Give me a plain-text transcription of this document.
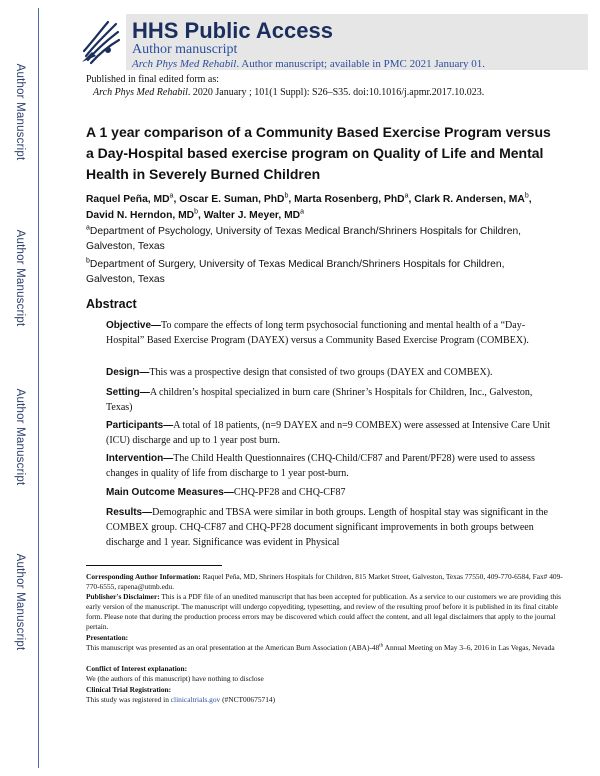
Author Manuscript
Author Manuscript
Author Manuscript
Author Manuscript
HHS Public Access
Author manuscript
Arch Phys Med Rehabil. Author manuscript; available in PMC 2021 January 01.
Published in final edited form as:
Arch Phys Med Rehabil. 2020 January ; 101(1 Suppl): S26–S35. doi:10.1016/j.apmr.2017.10.023.
A 1 year comparison of a Community Based Exercise Program versus a Day-Hospital based exercise program on Quality of Life and Mental Health in Severely Burned Children
Raquel Peña, $MD^a$, Oscar E. Suman, PhD$^b$, Marta Rosenberg, PhD$^a$, Clark R. Andersen, $MA^b$, David N. Herndon, $MD^b$, Walter J. Meyer, $MD^a$
$^a$Department of Psychology, University of Texas Medical Branch/Shriners Hospitals for Children, Galveston, Texas
$^b$Department of Surgery, University of Texas Medical Branch/Shriners Hospitals for Children, Galveston, Texas
Abstract
Objective—To compare the effects of long term psychosocial functioning and mental health of a “Day-Hospital” Based Exercise Program (DAYEX) versus a Community Based Exercise Program (COMBEX).
Design—This was a prospective design that consisted of two groups (DAYEX and COMBEX).
Setting—A children’s hospital specialized in burn care (Shriner’s Hospitals for Children, Inc., Galveston, Texas)
Participants—A total of 18 patients, (n=9 DAYEX and n=9 COMBEX) were assessed at Intensive Care Unit (ICU) discharge and up to 1 year post burn.
Intervention—The Child Health Questionnaires (CHQ-Child/CF87 and Parent/PF28) were used to assess changes in quality of life from discharge to 1 year post-burn.
Main Outcome Measures—CHQ-PF28 and CHQ-CF87
Results—Demographic and TBSA were similar in both groups. Length of hospital stay was significant in the COMBEX group. CHQ-CF87 and CHQ-PF28 document significant improvements in both groups between discharge and 1 year. Significance was evident in Physical
Corresponding Author Information: Raquel Peña, MD, Shriners Hospitals for Children, 815 Market Street, Galveston, Texas 77550, 409-770-6584, Fax# 409-770-6555, rapena@utmb.edu.
Publisher's Disclaimer: This is a PDF file of an unedited manuscript that has been accepted for publication. As a service to our customers we are providing this early version of the manuscript. The manuscript will undergo copyediting, typesetting, and review of the resulting proof before it is published in its final citable form. Please note that during the production process errors may be discovered which could affect the content, and all legal disclaimers that apply to the journal pertain.
Presentation:
This manuscript was presented as an oral presentation at the American Burn Association (ABA)-48th Annual Meeting on May 3–6, 2016 in Las Vegas, Nevada
Conflict of Interest explanation:
We (the authors of this manuscript) have nothing to disclose
Clinical Trial Registration:
This study was registered in clinicaltrials.gov (#NCT00675714)
